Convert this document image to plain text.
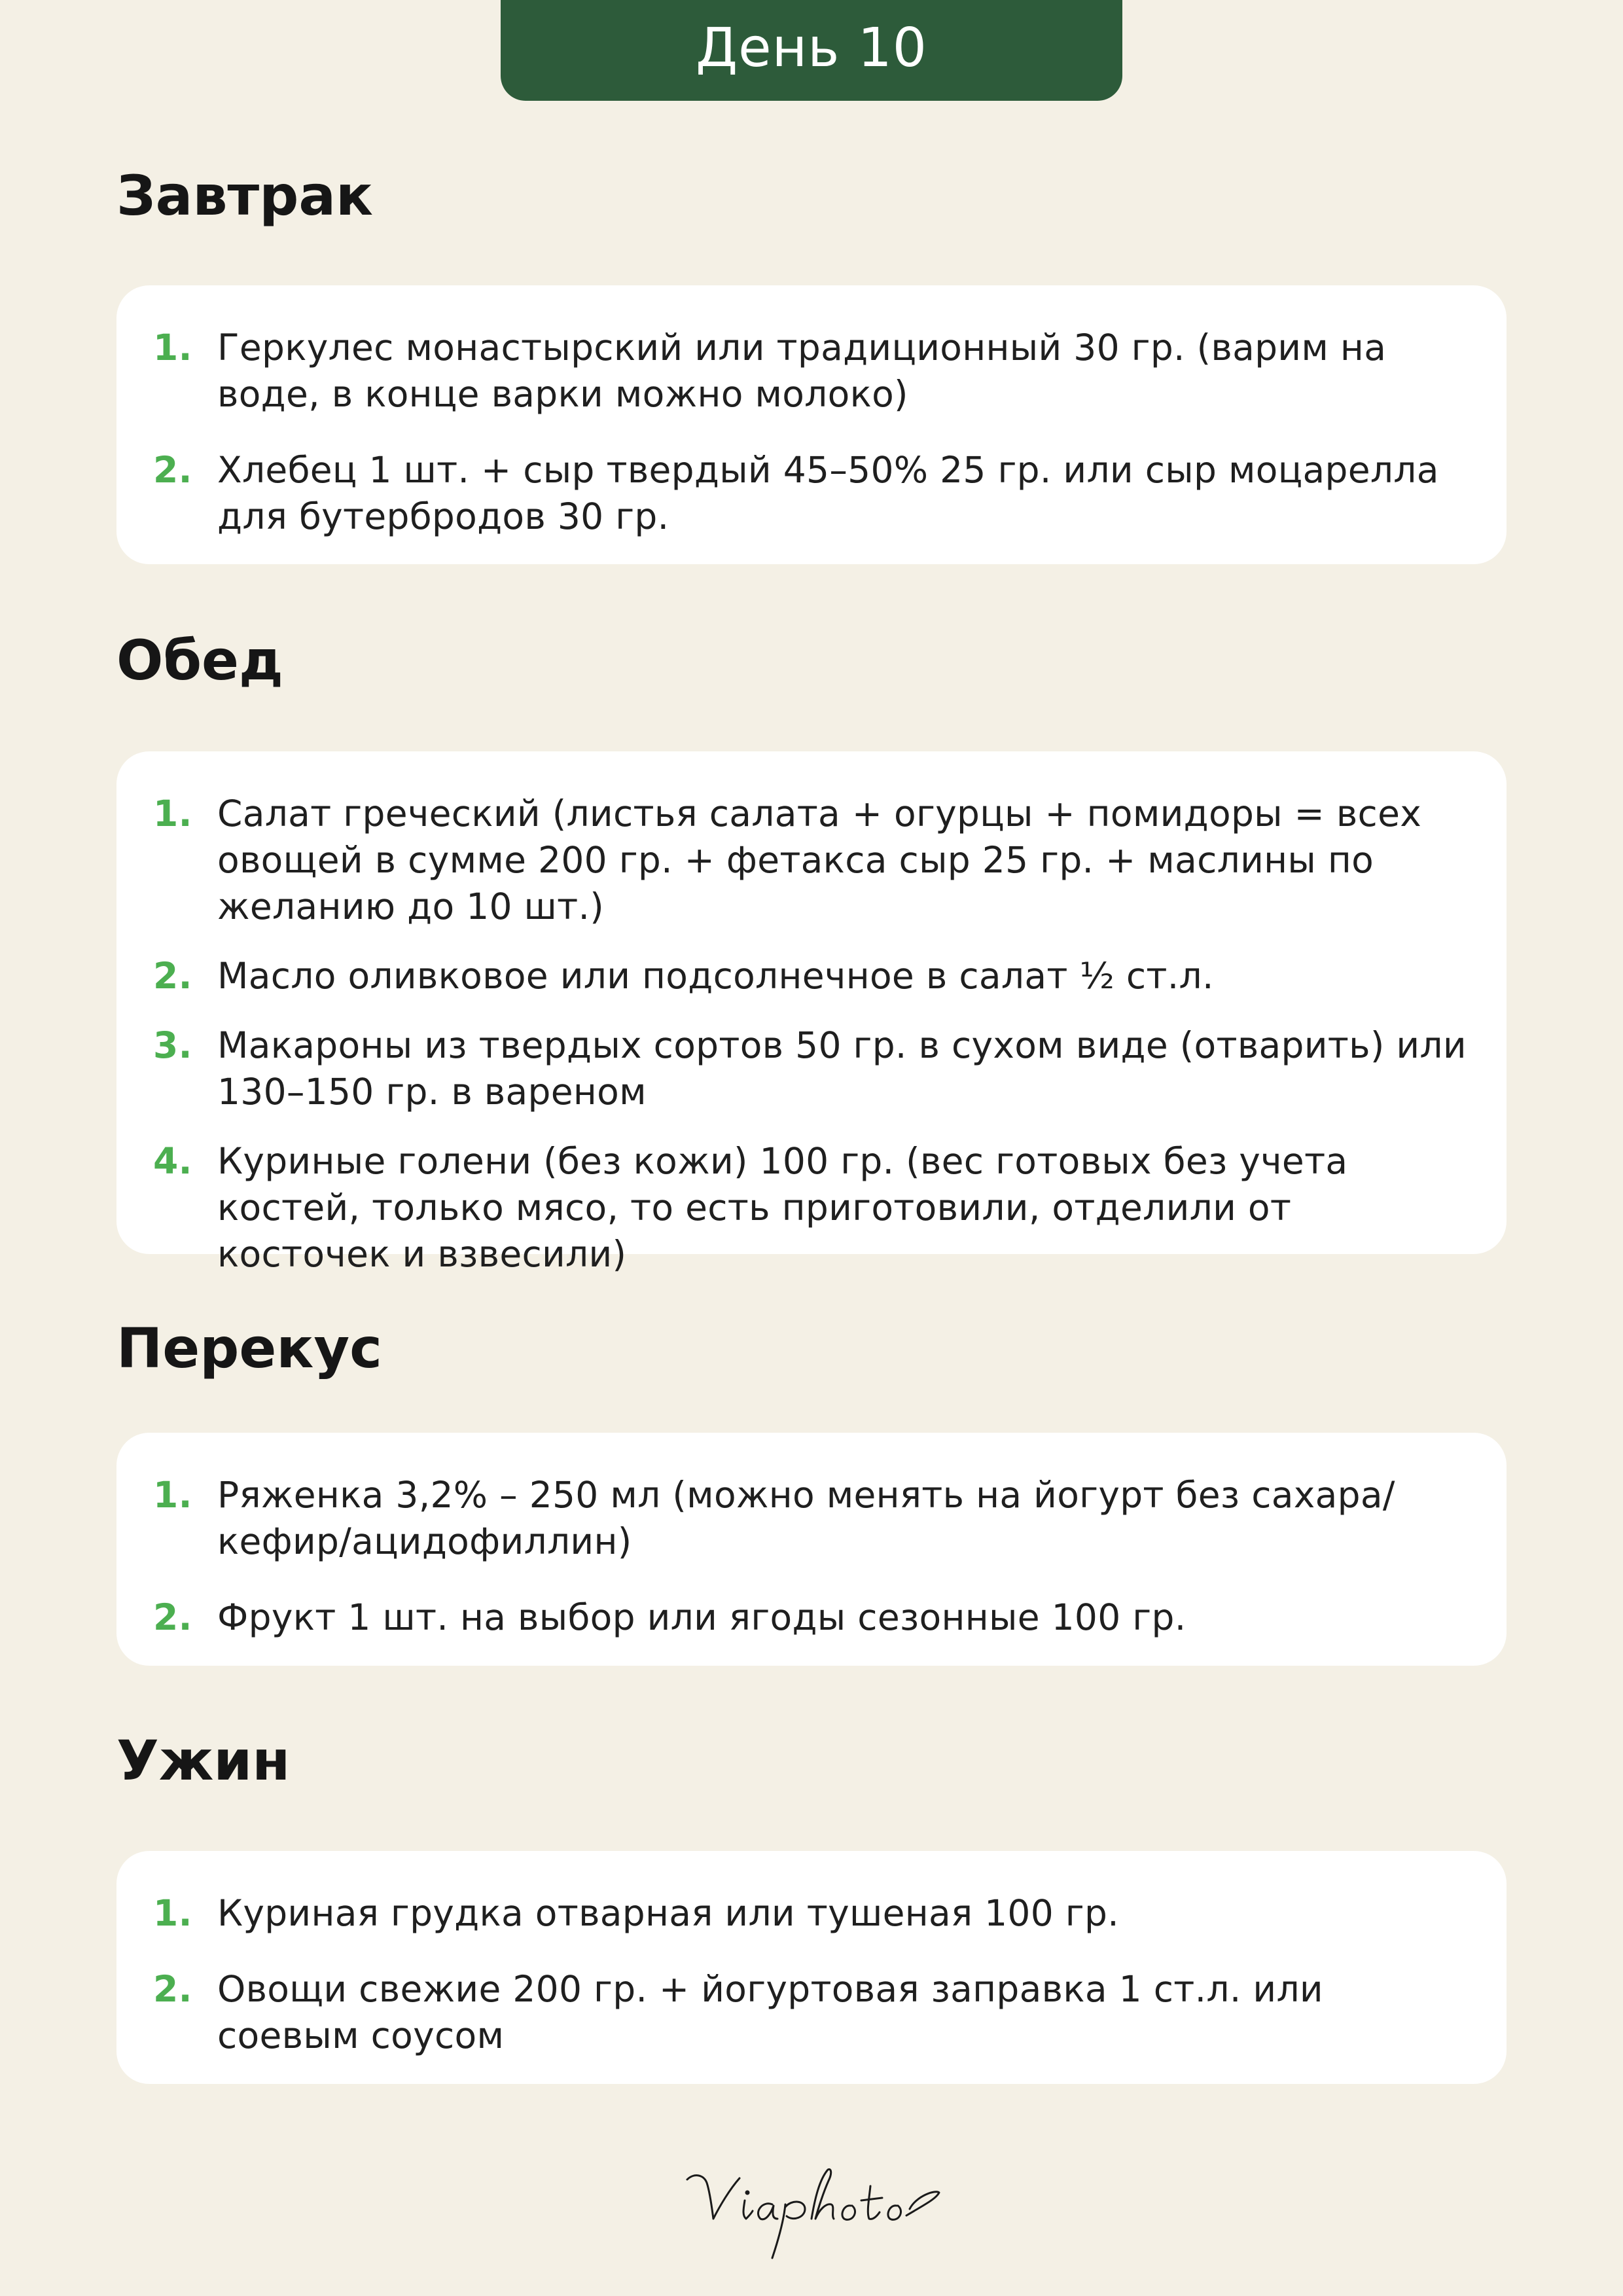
День 10
Завтрак
1. Геркулес монастырский или традиционный 30 гр. (варим на воде, в конце варки можно молоко)
2. Хлебец 1 шт. + сыр твердый 45–50% 25 гр. или сыр моцарелла для бутербродов 30 гр.
Обед
1. Салат греческий (листья салата + огурцы + помидоры = всех овощей в сумме 200 гр. + фетакса сыр 25 гр. + маслины по желанию до 10 шт.)
2. Масло оливковое или подсолнечное в салат ½ ст.л.
3. Макароны из твердых сортов 50 гр. в сухом виде (отварить) или 130–150 гр. в вареном
4. Куриные голени (без кожи) 100 гр. (вес готовых без учета костей, только мясо, то есть приготовили, отделили от косточек и взвесили)
Перекус
1. Ряженка 3,2% – 250 мл (можно менять на йогурт без сахара/ кефир/ацидофиллин)
2. Фрукт 1 шт. на выбор или ягоды сезонные 100 гр.
Ужин
1. Куриная грудка отварная или тушеная 100 гр.
2. Овощи свежие 200 гр. + йогуртовая заправка 1 ст.л. или соевым соусом
